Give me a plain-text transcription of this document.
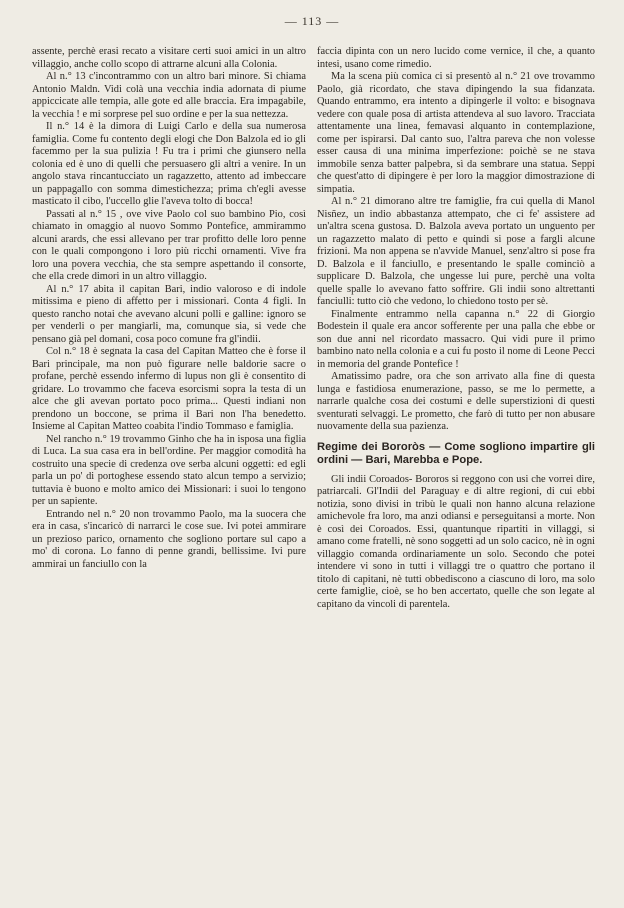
— 113 —

assente, perchè erasi recato a visitare certi suoi amici in un altro villaggio, anche collo scopo di attrarne alcuni alla Colonia.

Al n.° 13 c'incontrammo con un altro bari minore. Si chiama Antonio Maldn. Vidi colà una vecchia india adornata di piume appiccicate alle tempia, alle gote ed alle braccia. Era impagabile, la vecchia ! e mi sorprese pel suo ordine e per la sua nettezza.

Il n.° 14 è la dimora di Luigi Carlo e della sua numerosa famiglia. Come fu contento degli elogi che Don Balzola ed io gli facemmo per la sua pulizia ! Fu tra i primi che giunsero nella colonia ed è uno di quelli che persuasero gli altri a venire. In un angolo stava rincantucciato un ragazzetto, attento ad imbeccare un pappagallo con somma dimestichezza; prima ch'egli avesse masticato il cibo, l'uccello glie l'aveva tolto di bocca!

Passati al n.° 15 , ove vive Paolo col suo bambino Pio, così chiamato in omaggio al nuovo Sommo Pontefice, ammirammo alcuni arards, che essi allevano per trar profitto delle loro penne con le quali compongono i loro più ricchi ornamenti. Vive fra loro una povera vecchia, che sta sempre aspettando il consorte, che ella crede dimori in un altro villaggio.

Al n.° 17 abita il capitan Bari, indio valoroso e di indole mitissima e pieno di affetto per i missionari. Conta 4 figli. In questo rancho notai che avevano alcuni polli e galline: ignoro se per venderli o per mangiarli, ma, comunque sia, si vede che pensano già pel domani, cosa poco comune fra gl'indii.

Col n.° 18 è segnata la casa del Capitan Matteo che è forse il Bari principale, ma non può figurare nelle baldorie sacre o profane, perchè essendo infermo di lupus non gli è consentito di gridare. Lo trovammo che faceva esorcismi sopra la testa di un alce che gli avevan portato poco prima... Questi indiani non prendono un boccone, se prima il Bari non l'ha benedetto. Insieme al Capitan Matteo coabita l'indio Tommaso e famiglia.

Nel rancho n.° 19 trovammo Ginho che ha in isposa una figlia di Luca. La sua casa era in bell'ordine. Per maggior comodità ha costruito una specie di credenza ove serba alcuni oggetti: ed egli parla un po' di portoghese essendo stato alcun tempo a servizio; tuttavia è buono e molto amico dei Missionari: i suoi lo tengono per un sapiente.

Entrando nel n.° 20 non trovammo Paolo, ma la suocera che era in casa, s'incaricò di narrarci le cose sue. Ivi potei ammirare un prezioso parico, ornamento che sogliono portare sul capo a mo' di corona. Lo fanno di penne grandi, bellissime. Ivi pure ammirai un fanciullo con la

faccia dipinta con un nero lucido come vernice, il che, a quanto intesi, usano come rimedio.

Ma la scena più comica ci si presentò al n.° 21 ove trovammo Paolo, già ricordato, che stava dipingendo la sua fidanzata. Quando entrammo, era intento a dipingerle il volto: e bisognava vedere con quale posa di artista attendeva al suo lavoro. Tracciata attentamente una linea, femavasi alquanto in contemplazione, come per ispirarsi. Dal canto suo, l'altra pareva che non volesse esser causa di una minima imperfezione: poichè se ne stava immobile senza batter palpebra, sì da sembrare una statua. Seppi che quest'atto di dipingere è per loro la maggior dimostrazione di simpatia.

Al n.° 21 dimorano altre tre famiglie, fra cui quella di Manol Nisñez, un indio abbastanza attempato, che ci fe' assistere ad un'altra scena gustosa. D. Balzola aveva portato un unguento per un ragazzetto malato di petto e quindi si pose a fargli alcune frizioni. Ma non appena se n'avvide Manuel, senz'altro si pose fra D. Balzola e il fanciullo, e presentando le spalle cominciò a supplicare D. Balzola, che ungesse lui pure, perchè una volta quelle spalle lo avevano fatto soffrire. Gli indii sono altrettanti fanciulli: tutto ciò che vedono, lo chiedono tosto per sè.

Finalmente entrammo nella capanna n.° 22 di Giorgio Bodestein il quale era ancor sofferente per una palla che ebbe or son due anni nel ricordato massacro. Qui vidi pure il primo bambino nato nella colonia e a cui fu posto il nome di Leone Pecci in memoria del grande Pontefice !

Amatissimo padre, ora che son arrivato alla fine di questa lunga e fastidiosa enumerazione, passo, se me lo permette, a narrarle qualche cosa dei costumi e delle superstizioni di questi sventurati selvaggi. Le prometto, che farò di tutto per non abusare nuovamente della sua pazienza.

Regime dei Bororòs — Come sogliono impartire gli ordini — Bari, Marebba e Pope.

Gli indii Coroados- Bororos si reggono con usi che vorrei dire, patriarcali. Gl'Indii del Paraguay e di altre regioni, di cui ebbi notizia, sono divisi in tribù le quali non hanno alcuna relazione amichevole fra loro, ma anzi odiansi e perseguitansi a morte. Non è così dei Coroados. Essi, quantunque ripartiti in villaggi, si amano come fratelli, nè sono soggetti ad un solo cacico, nè in ogni villaggio comanda ordinariamente un solo. Secondo che potei intendere vi sono in tutti i villaggi tre o quattro che portano il titolo di capitani, nè tutti obbediscono a ciascuno di loro, ma solo certe famiglie, cioè, se ho ben accertato, quelle che son legate al capitano da vincoli di parentela.
